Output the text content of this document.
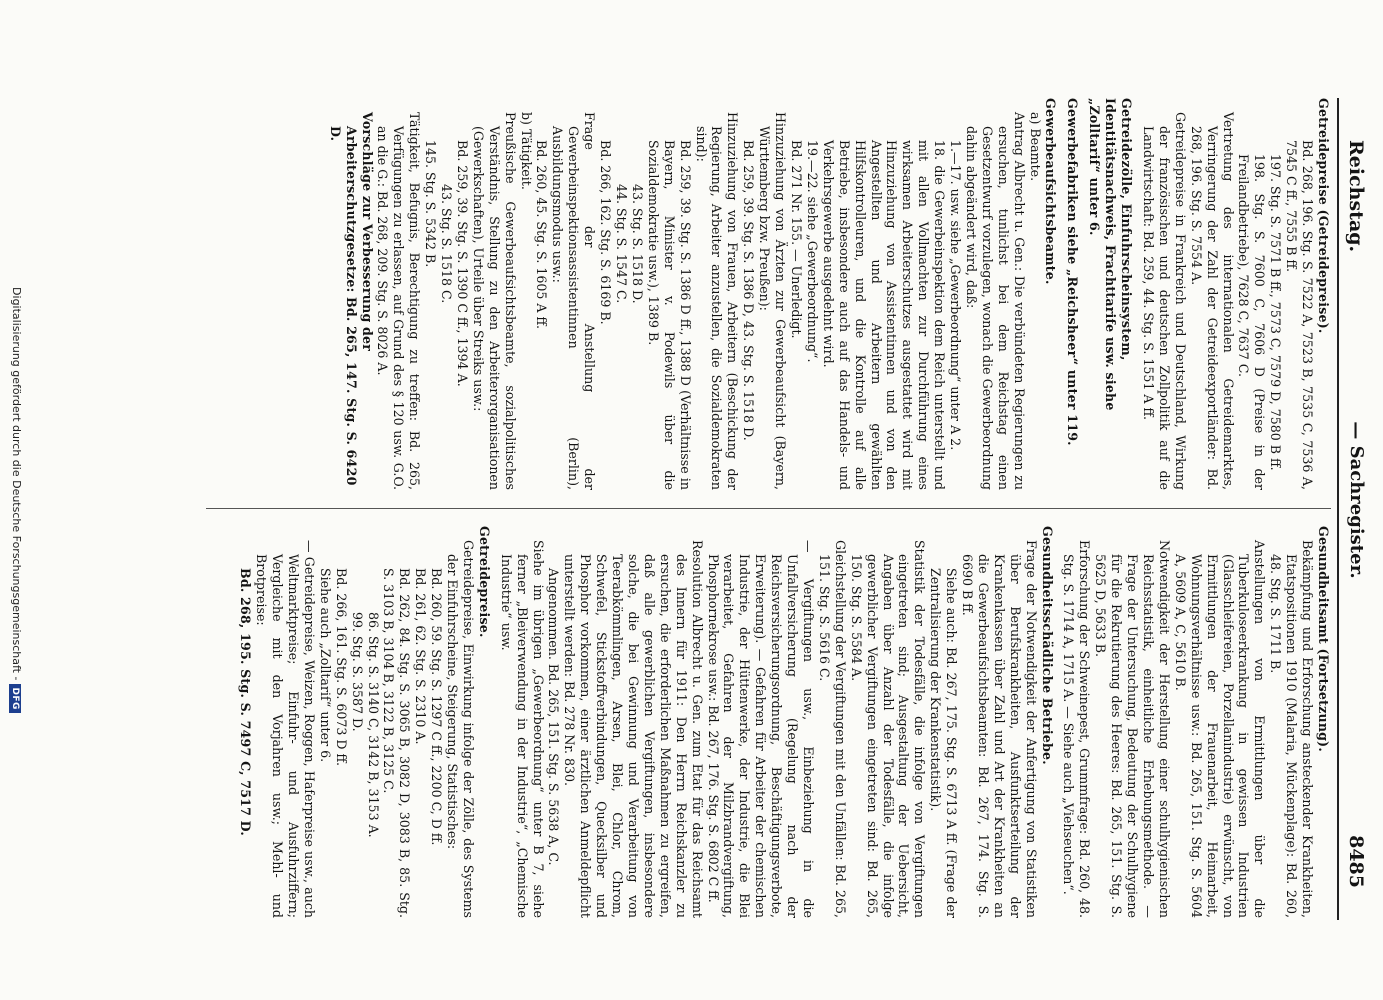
Reichstag.
— Sachregister.
8485

Getreidepreise (Getreidepreise).

Bd. 268, 196. Stg. S. 7522 A, 7523 B, 7535 C, 7536 A, 7545 C ff., 7555 B ff.

197. Stg. S. 7571 B ff., 7573 C, 7579 D, 7580 B ff.

198. Stg. S. 7600 C, 7606 D (Preise in der Freilandbetriebe), 7628 C, 7637 C.

Vertretung des internationalen Getreidemarktes, Verringerung der Zahl der Getreideexportländer: Bd. 268, 196. Stg. S. 7554 A.

Getreidepreise in Frankreich und Deutschland, Wirkung der französischen und deutschen Zollpolitik auf die Landwirtschaft: Bd. 259, 44. Stg. S. 1551 A ff.

Getreidezölle, Einfuhrscheinsystem, Identitätsnachweis, Frachttarife usw. siehe „Zolltarif“ unter 6.

Gewerbefabriken siehe „Reichsheer“ unter 119.

Gewerbeaufsichtsbeamte.

a) Beamte.

Antrag Albrecht u. Gen.: Die verbündeten Regierungen zu ersuchen, tunlichst bei dem Reichstag einen Gesetzentwurf vorzulegen, wonach die Gewerbeordnung dahin abgeändert wird, daß:

1.—17. usw. siehe „Gewerbeordnung“ unter A 2.

18. die Gewerbeinspektion dem Reich unterstellt und mit allen Vollmachten zur Durchführung eines wirksamen Arbeiterschutzes ausgestattet wird mit Hinzuziehung von Assistentinnen und von den Angestellten und Arbeitern gewählten Hilfskontrolleuren, und die Kontrolle auf alle Betriebe, insbesondere auch auf das Handels- und Verkehrsgewerbe ausgedehnt wird.

19.—22. siehe „Gewerbeordnung“.

Bd. 271 Nr. 155. — Unerledigt.

Hinzuziehung von Ärzten zur Gewerbeaufsicht (Bayern, Württemberg bzw. Preußen):

Bd. 259, 39. Stg. S. 1386 D, 43. Stg. S. 1518 D.

Hinzuziehung von Frauen, Arbeitern (Beschickung der Regierung, Arbeiter anzustellen, die Sozialdemokraten sind):

Bd. 259, 39. Stg. S. 1386 D ff., 1388 D (Verhältnisse in Bayern, Minister v. Podewils über die Sozialdemokratie usw.), 1389 B.

43. Stg. S. 1518 D.

44. Stg. S. 1547 C.

Bd. 266, 162. Stg. S. 6169 B.

Frage der Anstellung der Gewerbeinspektionsassistentinnen (Berlin), Ausbildungsmodus usw.:

Bd. 260, 45. Stg. S. 1605 A ff.

b) Tätigkeit.

Preußische Gewerbeaufsichtsbeamte, sozialpolitisches Verständnis, Stellung zu den Arbeiterorganisationen (Gewerkschaften), Urteile über Streiks usw.:

Bd. 259, 39. Stg. S. 1390 C ff., 1394 A.

43. Stg. S. 1518 C.

145. Stg. S. 5342 B.

Tätigkeit, Befugnis, Berechtigung zu treffen: Bd. 265, Verfügungen zu erlassen, auf Grund des § 120 usw. G.O. an die G.: Bd. 268, 209. Stg. S. 8026 A.

Vorschläge zur Verbesserung der Arbeiterschutzgesetze: Bd. 265, 147. Stg. S. 6420 D.

Gesundheitsamt (Fortsetzung).

Bekämpfung und Erforschung ansteckender Krankheiten, Etatspositionen 1910 (Malaria, Mückenplage): Bd. 260, 48. Stg. S. 1711 B.

Anstellungen von Ermittlungen über die Tuberkuloseerkrankung in gewissen Industrien (Glasschleifereien, Porzellanindustrie) erwünscht, von Ermittlungen der Frauenarbeit, Heimarbeit, Wohnungsverhältnisse usw.: Bd. 265, 151. Stg. S. 5604 A, 5609 A, C, 5610 B.

Notwendigkeit der Herstellung einer schulhygienischen Reichsstatistik, einheitliche Erhebungsmethode. — Frage der Untersuchung, Bedeutung der Schulhygiene für die Rekrutierung des Heeres: Bd. 265, 151. Stg. S. 5625 D, 5633 B.

Erforschung der Schweinepest, Grummfrage: Bd. 260, 48. Stg. S. 1714 A, 1715 A. — Siehe auch „Viehseuchen“.

Gesundheitsschädliche Betriebe.

Frage der Notwendigkeit der Anfertigung von Statistiken über Berufskrankheiten, Ausfunktserteilung der Krankenkassen über Zahl und Art der Krankheiten an die Gewerbeaufsichtsbeamten: Bd. 267, 174. Stg. S. 6690 B ff.

Siehe auch: Bd. 267, 175. Stg. S. 6713 A ff. (Frage der Zentralisierung der Krankenstatistik).

Statistik der Todesfälle, die infolge von Vergiftungen eingetreten sind; Ausgestaltung der Uebersicht, Angaben über Anzahl der Todesfälle, die infolge gewerblicher Vergiftungen eingetreten sind: Bd. 265, 150. Stg. S. 5584 A.

Gleichstellung der Vergiftungen mit den Unfällen: Bd. 265, 151. Stg. S. 5616 C.

— Vergiftungen usw., Einbeziehung in die Unfallversicherung (Regelung nach der Reichsversicherungsordnung, Beschäftigungsverbote, Erweiterung). — Gefahren für Arbeiter der chemischen Industrie, der Hüttenwerke, der Industrie, die Blei verarbeitet, Gefahren der Milzbrandvergiftung, Phosphornekrose usw.: Bd. 267, 176. Stg. S. 6802 C ff.

Resolution Albrecht u. Gen. zum Etat für das Reichsamt des Innern für 1911: Den Herrn Reichskanzler zu ersuchen, die erforderlichen Maßnahmen zu ergreifen, daß alle gewerblichen Vergiftungen, insbesondere solche, die bei Gewinnung und Verarbeitung von Teerabkömmlingen, Arsen, Blei, Chlor, Chrom, Schwefel, Stickstoffverbindungen, Quecksilber und Phosphor vorkommen, einer ärztlichen Anmeldepflicht unterstellt werden: Bd. 278 Nr. 830.

Angenommen. Bd. 265, 151. Stg. S. 5638 A, C.

Siehe im übrigen „Gewerbeordnung“ unter B 7, siehe ferner „Bleiverwendung in der Industrie“, „Chemische Industrie“ usw.

Getreidepreise.

Getreidepreise, Einwirkung infolge der Zölle, des Systems der Einfuhrscheine, Steigerung, Statistisches:

Bd. 260, 59. Stg. S. 1297 C ff., 2200 C, D ff.

Bd. 261, 62. Stg. S. 2310 A.

Bd. 262, 84. Stg. S. 3065 B, 3082 D, 3083 B, 85. Stg. S. 3103 B, 3104 B, 3122 B, 3125 C.

86. Stg. S. 3140 C, 3142 B, 3153 A.

99. Stg. S. 3587 D.

Bd. 266, 161. Stg. S. 6073 D ff.

Siehe auch „Zolltarif“ unter 6.

— Getreidepreise, Weizen, Roggen, Haferpreise usw., auch Weltmarktpreise; Einfuhr- und Ausfuhrziffern; Vergleiche mit den Vorjahren usw.; Mehl- und Brotpreise:

Bd. 268, 195. Stg. S. 7497 C, 7517 D.

Digitalisierung gefördert durch die Deutsche Forschungsgemeinschaft -DFG
